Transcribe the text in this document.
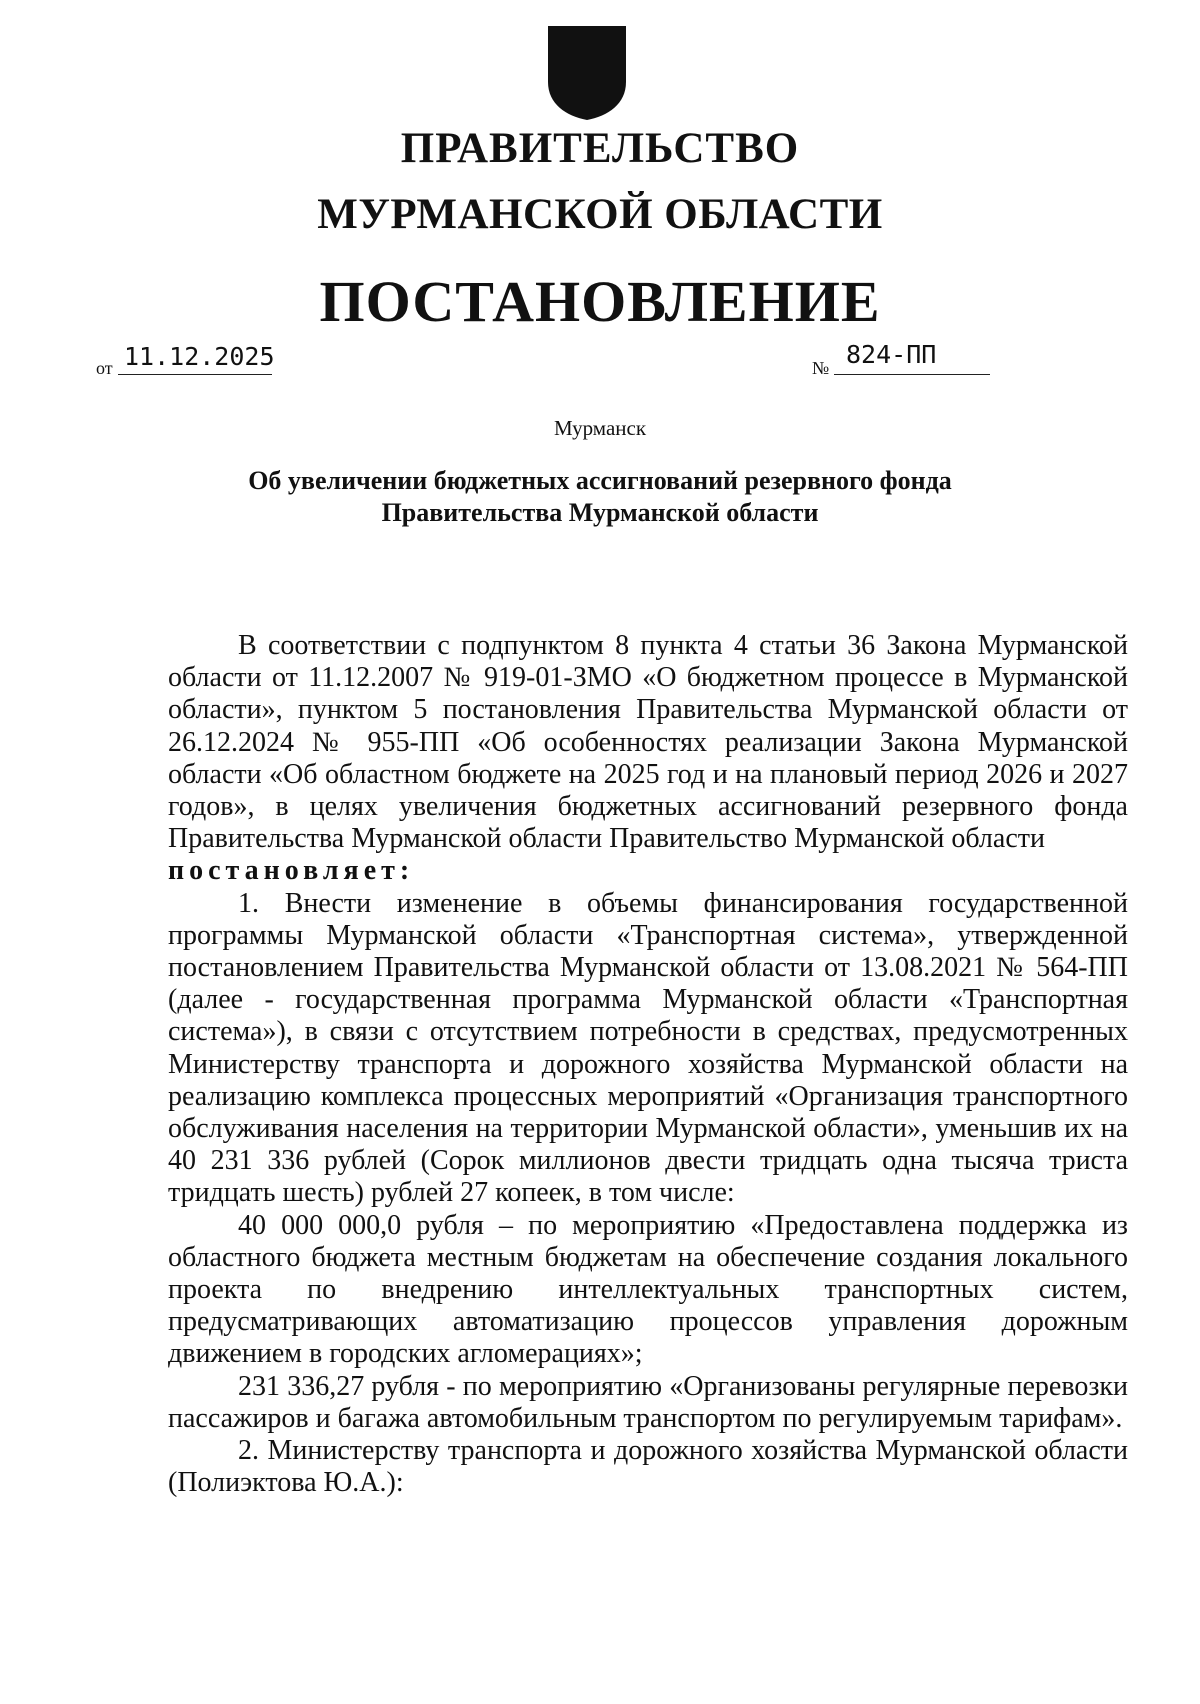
ПРАВИТЕЛЬСТВО
МУРМАНСКОЙ ОБЛАСТИ
ПОСТАНОВЛЕНИЕ
от 11.12.2025	№ 824-ПП
Мурманск
Об увеличении бюджетных ассигнований резервного фонда
Правительства Мурманской области

В соответствии с подпунктом 8 пункта 4 статьи 36 Закона Мурманской области от 11.12.2007 № 919-01-ЗМО «О бюджетном процессе в Мурманской области», пунктом 5 постановления Правительства Мурманской области от 26.12.2024 № 955-ПП «Об особенностях реализации Закона Мурманской области «Об областном бюджете на 2025 год и на плановый период 2026 и 2027 годов», в целях увеличения бюджетных ассигнований резервного фонда Правительства Мурманской области Правительство Мурманской области

постановляет:

1. Внести изменение в объемы финансирования государственной программы Мурманской области «Транспортная система», утвержденной постановлением Правительства Мурманской области от 13.08.2021 № 564-ПП (далее - государственная программа Мурманской области «Транспортная система»), в связи с отсутствием потребности в средствах, предусмотренных Министерству транспорта и дорожного хозяйства Мурманской области на реализацию комплекса процессных мероприятий «Организация транспортного обслуживания населения на территории Мурманской области», уменьшив их на 40 231 336 рублей (Сорок миллионов двести тридцать одна тысяча триста тридцать шесть) рублей 27 копеек, в том числе:

40 000 000,0 рубля – по мероприятию «Предоставлена поддержка из областного бюджета местным бюджетам на обеспечение создания локального проекта по внедрению интеллектуальных транспортных систем, предусматривающих автоматизацию процессов управления дорожным движением в городских агломерациях»;

231 336,27 рубля - по мероприятию «Организованы регулярные перевозки пассажиров и багажа автомобильным транспортом по регулируемым тарифам».

2. Министерству транспорта и дорожного хозяйства Мурманской области (Полиэктова Ю.А.):
